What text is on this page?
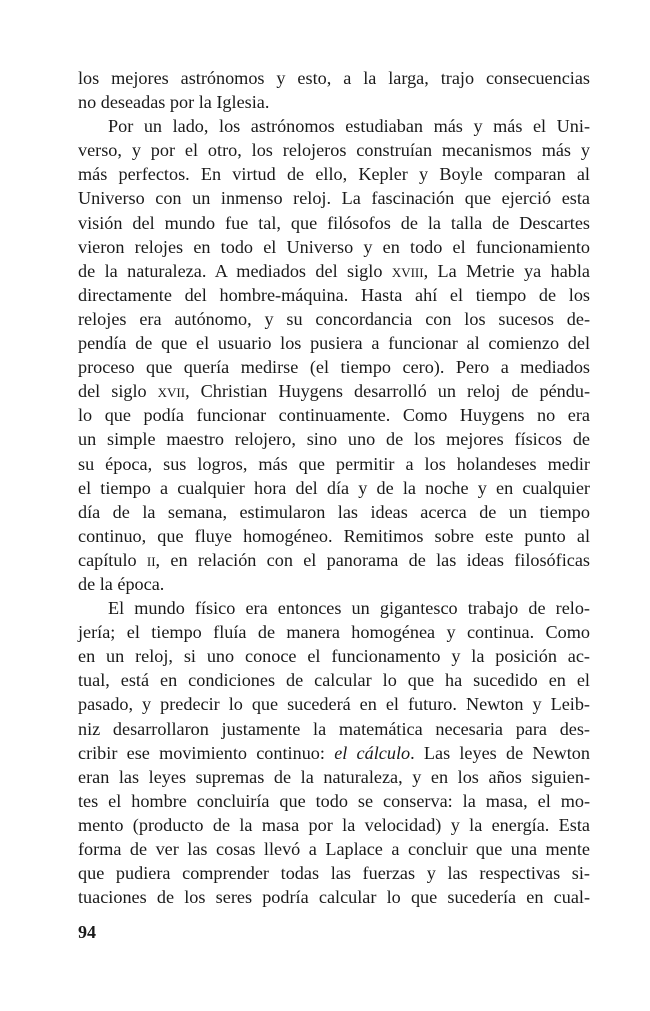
los mejores astrónomos y esto, a la larga, trajo consecuencias
no deseadas por la Iglesia.
Por un lado, los astrónomos estudiaban más y más el Uni-
verso, y por el otro, los relojeros construían mecanismos más y
más perfectos. En virtud de ello, Kepler y Boyle comparan al
Universo con un inmenso reloj. La fascinación que ejerció esta
visión del mundo fue tal, que filósofos de la talla de Descartes
vieron relojes en todo el Universo y en todo el funcionamiento
de la naturaleza. A mediados del siglo xviii, La Metrie ya habla
directamente del hombre-máquina. Hasta ahí el tiempo de los
relojes era autónomo, y su concordancia con los sucesos de-
pendía de que el usuario los pusiera a funcionar al comienzo del
proceso que quería medirse (el tiempo cero). Pero a mediados
del siglo xvii, Christian Huygens desarrolló un reloj de péndu-
lo que podía funcionar continuamente. Como Huygens no era
un simple maestro relojero, sino uno de los mejores físicos de
su época, sus logros, más que permitir a los holandeses medir
el tiempo a cualquier hora del día y de la noche y en cualquier
día de la semana, estimularon las ideas acerca de un tiempo
continuo, que fluye homogéneo. Remitimos sobre este punto al
capítulo ii, en relación con el panorama de las ideas filosóficas
de la época.
El mundo físico era entonces un gigantesco trabajo de relo-
jería; el tiempo fluía de manera homogénea y continua. Como
en un reloj, si uno conoce el funcionamento y la posición ac-
tual, está en condiciones de calcular lo que ha sucedido en el
pasado, y predecir lo que sucederá en el futuro. Newton y Leib-
niz desarrollaron justamente la matemática necesaria para des-
cribir ese movimiento continuo: el cálculo. Las leyes de Newton
eran las leyes supremas de la naturaleza, y en los años siguien-
tes el hombre concluiría que todo se conserva: la masa, el mo-
mento (producto de la masa por la velocidad) y la energía. Esta
forma de ver las cosas llevó a Laplace a concluir que una mente
que pudiera comprender todas las fuerzas y las respectivas si-
tuaciones de los seres podría calcular lo que sucedería en cual-
94
